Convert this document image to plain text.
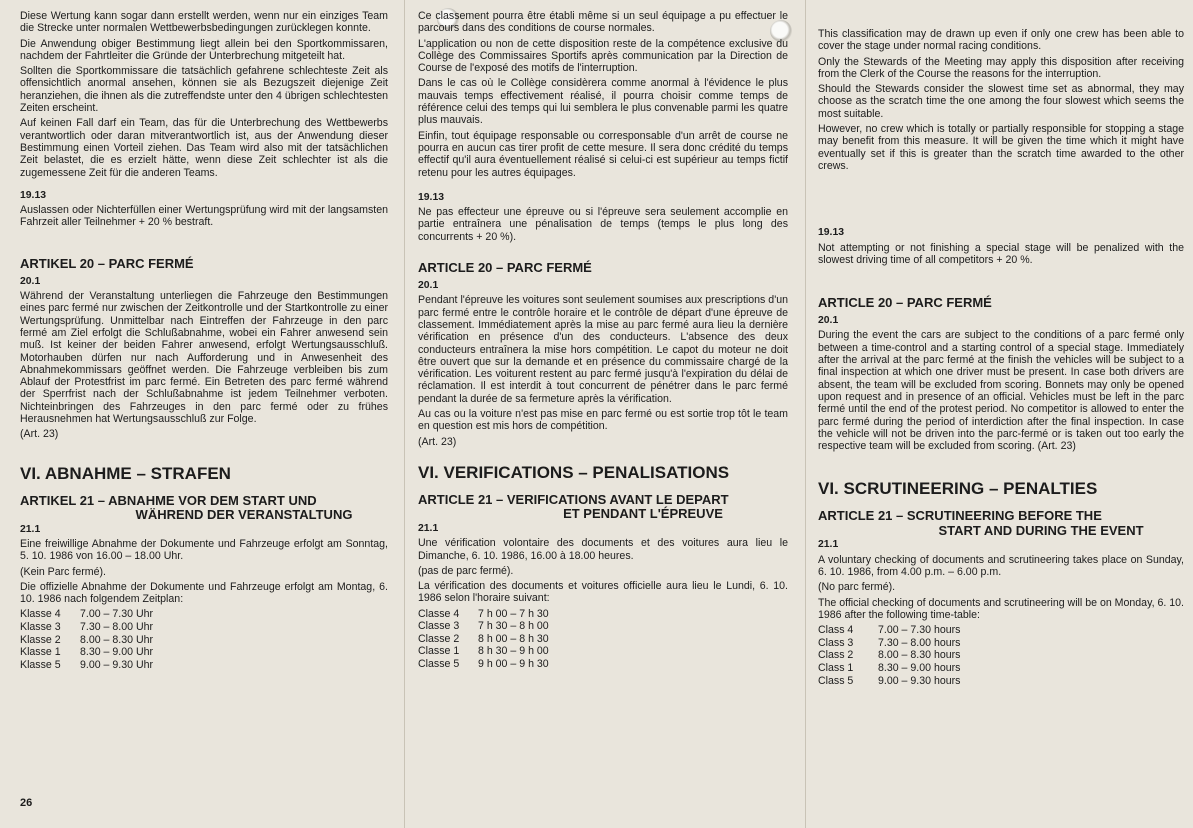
Diese Wertung kann sogar dann erstellt werden, wenn nur ein einziges Team die Strecke unter normalen Wettbewerbsbedingungen zurücklegen konnte.

Die Anwendung obiger Bestimmung liegt allein bei den Sportkommissaren, nachdem der Fahrtleiter die Gründe der Unterbrechung mitgeteilt hat.

Sollten die Sportkommissare die tatsächlich gefahrene schlechteste Zeit als offensichtlich anormal ansehen, können sie als Bezugszeit diejenige Zeit heranziehen, die ihnen als die zutreffendste unter den 4 übrigen schlechtesten Zeiten erscheint.

Auf keinen Fall darf ein Team, das für die Unterbrechung des Wettbewerbs verantwortlich oder daran mitverantwortlich ist, aus der Anwendung dieser Bestimmung einen Vorteil ziehen. Das Team wird also mit der tatsächlichen Zeit belastet, die es erzielt hätte, wenn diese Zeit schlechter ist als die zugemessene Zeit für die anderen Teams.

19.13

Auslassen oder Nichterfüllen einer Wertungsprüfung wird mit der langsamsten Fahrzeit aller Teilnehmer + 20 % bestraft.

ARTIKEL 20 – PARC FERMÉ
20.1

Während der Veranstaltung unterliegen die Fahrzeuge den Bestimmungen eines parc fermé nur zwischen der Zeitkontrolle und der Startkontrolle zu einer Wertungsprüfung. Unmittelbar nach Eintreffen der Fahrzeuge in den parc fermé am Ziel erfolgt die Schlußabnahme, wobei ein Fahrer anwesend sein muß. Ist keiner der beiden Fahrer anwesend, erfolgt Wertungsausschluß. Motorhauben dürfen nur nach Aufforderung und in Anwesenheit des Abnahmekommissars geöffnet werden. Die Fahrzeuge verbleiben bis zum Ablauf der Protestfrist im parc fermé. Ein Betreten des parc fermé während der Sperrfrist nach der Schlußabnahme ist jedem Teilnehmer verboten. Nichteinbringen des Fahrzeuges in den parc fermé oder zu frühes Herausnehmen hat Wertungsausschluß zur Folge.

(Art. 23)

VI. ABNAHME – STRAFEN
ARTIKEL 21 – ABNAHME VOR DEM START UND
WÄHREND DER VERANSTALTUNG
21.1

Eine freiwillige Abnahme der Dokumente und Fahrzeuge erfolgt am Sonntag, 5. 10. 1986 von 16.00 – 18.00 Uhr.

(Kein Parc fermé).

Die offizielle Abnahme der Dokumente und Fahrzeuge erfolgt am Montag, 6. 10. 1986 nach folgendem Zeitplan:

Klasse 4	7.00 – 7.30 Uhr
Klasse 3	7.30 – 8.00 Uhr
Klasse 2	8.00 – 8.30 Uhr
Klasse 1	8.30 – 9.00 Uhr
Klasse 5	9.00 – 9.30 Uhr

Ce classement pourra être établi même si un seul équipage a pu effectuer le parcours dans des conditions de course normales.

L'application ou non de cette disposition reste de la compétence exclusive du Collège des Commissaires Sportifs après communication par la Direction de Course de l'exposé des motifs de l'interruption.

Dans le cas où le Collège considèrera comme anormal à l'évidence le plus mauvais temps effectivement réalisé, il pourra choisir comme temps de référence celui des temps qui lui semblera le plus convenable parmi les quatre plus mauvais.

Einfin, tout équipage responsable ou corresponsable d'un arrêt de course ne pourra en aucun cas tirer profit de cette mesure. Il sera donc crédité du temps effectif qu'il aura éventuellement réalisé si celui-ci est supérieur au temps fictif retenu pour les autres équipages.

19.13

Ne pas effecteur une épreuve ou si l'épreuve sera seulement accomplie en partie entraînera une pénalisation de temps (temps le plus long des concurrents + 20 %).

ARTICLE 20 – PARC FERMÉ
20.1

Pendant l'épreuve les voitures sont seulement soumises aux prescriptions d'un parc fermé entre le contrôle horaire et le contrôle de départ d'une épreuve de classement. Immédiatement après la mise au parc fermé aura lieu la dernière vérification en présence d'un des conducteurs. L'absence des deux conducteurs entraînera la mise hors compétition. Le capot du moteur ne doit être ouvert que sur la demande et en présence du commissaire chargé de la vérification. Les voiturent restent au parc fermé jusqu'à l'expiration du délai de réclamation. Il est interdit à tout concurrent de pénétrer dans le parc fermé pendant la durée de sa fermeture après la vérification.

Au cas ou la voiture n'est pas mise en parc fermé ou est sortie trop tôt le team en question est mis hors de compétition.

(Art. 23)

VI. VERIFICATIONS – PENALISATIONS
ARTICLE 21 – VERIFICATIONS AVANT LE DEPART
ET PENDANT L'ÉPREUVE
21.1

Une vérification volontaire des documents et des voitures aura lieu le Dimanche, 6. 10. 1986, 16.00 à 18.00 heures.

(pas de parc fermé).

La vérification des documents et voitures officielle aura lieu le Lundi, 6. 10. 1986 selon l'horaire suivant:

Classe 4	7 h 00 – 7 h 30
Classe 3	7 h 30 – 8 h 00
Classe 2	8 h 00 – 8 h 30
Classe 1	8 h 30 – 9 h 00
Classe 5	9 h 00 – 9 h 30

This classification may de drawn up even if only one crew has been able to cover the stage under normal racing conditions.

Only the Stewards of the Meeting may apply this disposition after receiving from the Clerk of the Course the reasons for the interruption.

Should the Stewards consider the slowest time set as abnormal, they may choose as the scratch time the one among the four slowest which seems the most suitable.

However, no crew which is totally or partially responsible for stopping a stage may benefit from this measure. It will be given the time which it might have eventually set if this is greater than the scratch time awarded to the other crews.

19.13

Not attempting or not finishing a special stage will be penalized with the slowest driving time of all competitors + 20 %.

ARTICLE 20 – PARC FERMÉ
20.1

During the event the cars are subject to the conditions of a parc fermé only between a time-control and a starting control of a special stage. Immediately after the arrival at the parc fermé at the finish the vehicles will be subject to a final inspection at which one driver must be present. In case both drivers are absent, the team will be excluded from scoring. Bonnets may only be opened upon request and in presence of an official. Vehicles must be left in the parc fermé until the end of the protest period. No competitor is allowed to enter the parc fermé during the period of interdiction after the final inspection. In case the vehicle will not be driven into the parc-fermé or is taken out too early the respective team will be excluded from scoring. (Art. 23)

VI. SCRUTINEERING – PENALTIES
ARTICLE 21 – SCRUTINEERING BEFORE THE
START AND DURING THE EVENT
21.1

A voluntary checking of documents and scrutineering takes place on Sunday, 6. 10. 1986, from 4.00 p.m. – 6.00 p.m.

(No parc fermé).

The official checking of documents and scrutineering will be on Monday, 6. 10. 1986 after the following time-table:

Class 4	7.00 – 7.30 hours
Class 3	7.30 – 8.00 hours
Class 2	8.00 – 8.30 hours
Class 1	8.30 – 9.00 hours
Class 5	9.00 – 9.30 hours
26
